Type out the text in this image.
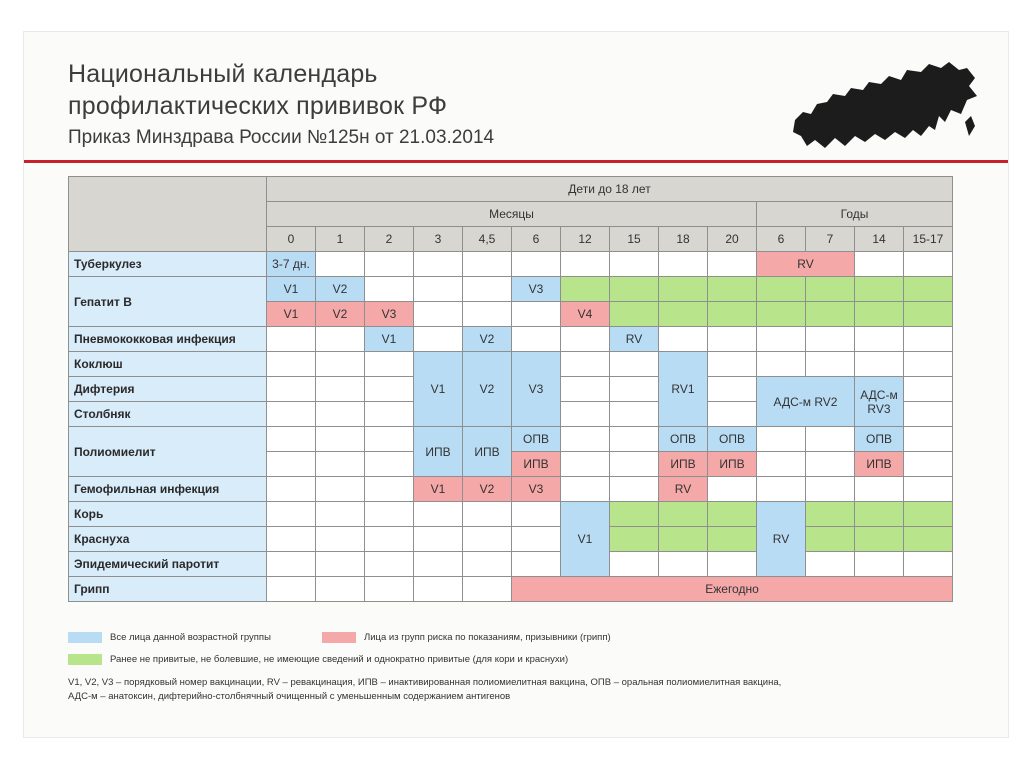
Национальный календарь
профилактических прививок РФ
Приказ Минздрава России №125н от 21.03.2014
	Дети до 18 лет													
	Месяцы										Годы			
	0	1	2	3	4,5	6	12	15	18	20	6	7	14	15-17
Туберкулез	3-7 дн.										RV			
Гепатит В	V1	V2				V3								
	V1	V2	V3				V4							
Пневмококковая инфекция			V1		V2			RV						
Коклюш				V1	V2	V3			RV1					
Дифтерия											АДС-м RV2		АДС-м RV3	
Столбняк														
Полиомиелит				ИПВ	ИПВ	ОПВ			ОПВ	ОПВ			ОПВ	
						ИПВ			ИПВ	ИПВ			ИПВ	
Гемофильная инфекция				V1	V2	V3			RV					
Корь							V1				RV			
Краснуха														
Эпидемический паротит														
Грипп						Ежегодно								
Все лица данной возрастной группы	Лица из групп риска по показаниям, призывники (грипп)
Ранее не привитые, не болевшие, не имеющие сведений и однократно привитые (для кори и краснухи)
V1, V2, V3 – порядковый номер вакцинации, RV – ревакцинация, ИПВ – инактивированная полиомиелитная вакцина, ОПВ – оральная полиомиелитная вакцина,
АДС-м – анатоксин, дифтерийно-столбнячный очищенный с уменьшенным содержанием антигенов
